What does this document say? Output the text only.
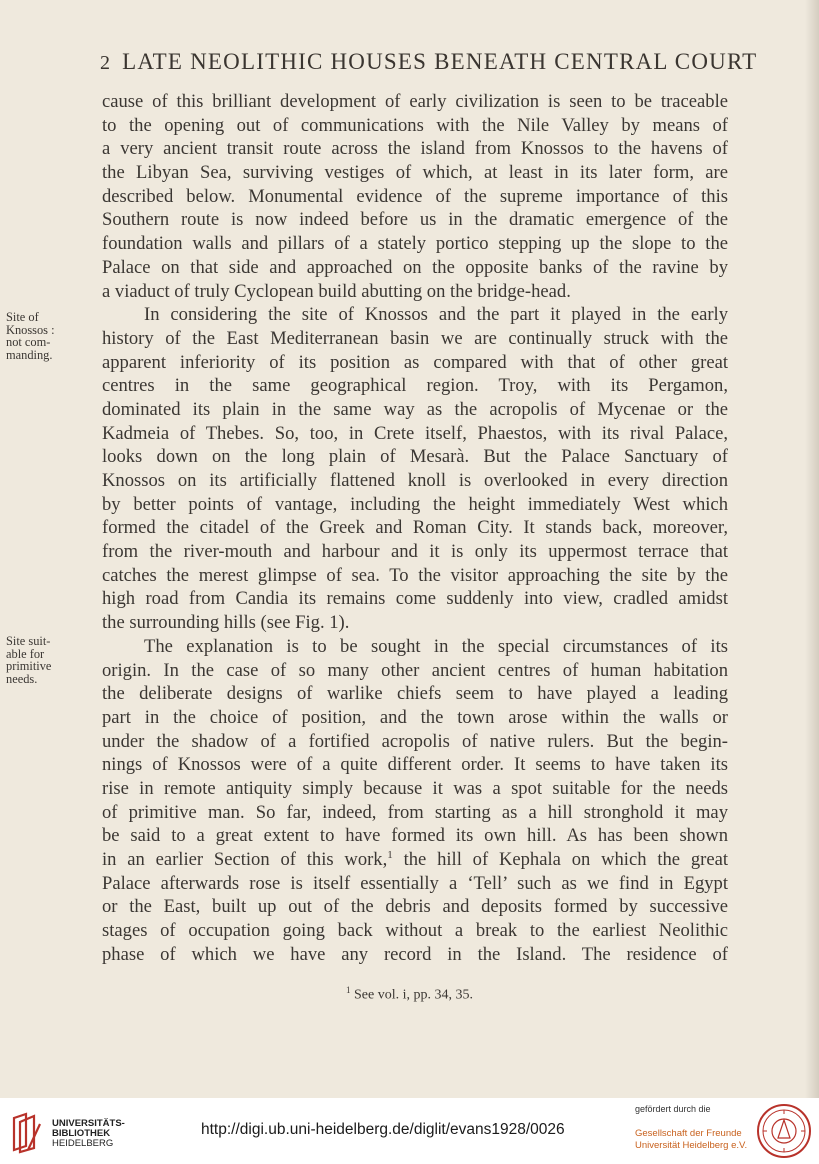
2 LATE NEOLITHIC HOUSES BENEATH CENTRAL COURT
Site of
Knossos :
not com-
manding.
Site suit-
able for
primitive
needs.
cause of this brilliant development of early civilization is seen to be traceable
to the opening out of communications with the Nile Valley by means of
a very ancient transit route across the island from Knossos to the havens of
the Libyan Sea, surviving vestiges of which, at least in its later form, are
described below. Monumental evidence of the supreme importance of this
Southern route is now indeed before us in the dramatic emergence of the
foundation walls and pillars of a stately portico stepping up the slope to the
Palace on that side and approached on the opposite banks of the ravine by
a viaduct of truly Cyclopean build abutting on the bridge-head.
In considering the site of Knossos and the part it played in the early
history of the East Mediterranean basin we are continually struck with the
apparent inferiority of its position as compared with that of other great
centres in the same geographical region. Troy, with its Pergamon,
dominated its plain in the same way as the acropolis of Mycenae or the
Kadmeia of Thebes. So, too, in Crete itself, Phaestos, with its rival Palace,
looks down on the long plain of Mesarà. But the Palace Sanctuary of
Knossos on its artificially flattened knoll is overlooked in every direction
by better points of vantage, including the height immediately West which
formed the citadel of the Greek and Roman City. It stands back, moreover,
from the river-mouth and harbour and it is only its uppermost terrace that
catches the merest glimpse of sea. To the visitor approaching the site by the
high road from Candia its remains come suddenly into view, cradled amidst
the surrounding hills (see Fig. 1).
The explanation is to be sought in the special circumstances of its
origin. In the case of so many other ancient centres of human habitation
the deliberate designs of warlike chiefs seem to have played a leading
part in the choice of position, and the town arose within the walls or
under the shadow of a fortified acropolis of native rulers. But the begin-
nings of Knossos were of a quite different order. It seems to have taken its
rise in remote antiquity simply because it was a spot suitable for the needs
of primitive man. So far, indeed, from starting as a hill stronghold it may
be said to a great extent to have formed its own hill. As has been shown
in an earlier Section of this work,$^1$ the hill of Kephala on which the great
Palace afterwards rose is itself essentially a ‘Tell’ such as we find in Egypt
or the East, built up out of the debris and deposits formed by successive
stages of occupation going back without a break to the earliest Neolithic
phase of which we have any record in the Island. The residence of
$^1$ See vol. i, pp. 34, 35.
UNIVERSITÄTS-
BIBLIOTHEK
HEIDELBERG
http://digi.ub.uni-heidelberg.de/diglit/evans1928/0026
gefördert durch die
Gesellschaft der Freunde
Universität Heidelberg e.V.
